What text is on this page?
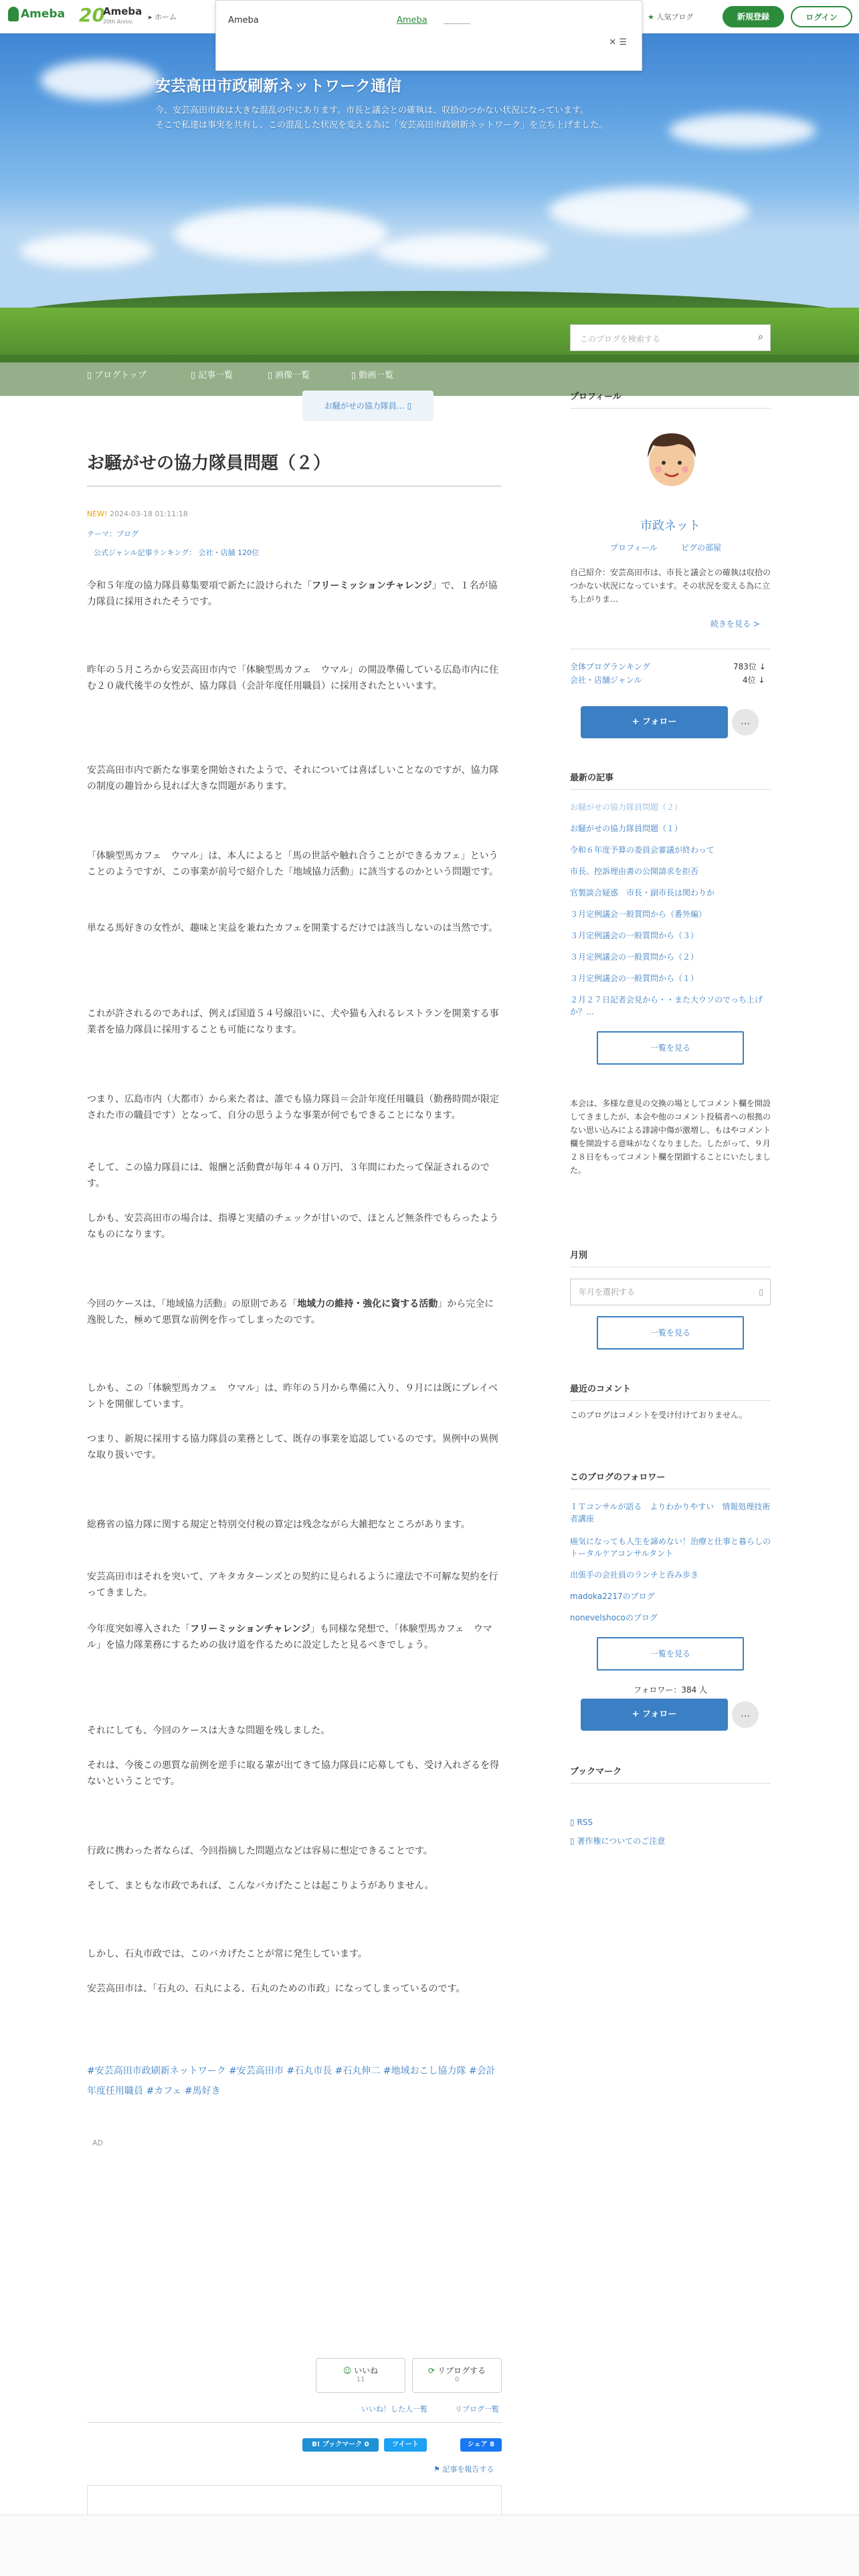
Ameba 20
Ameba
20th Anniv.
▸ ホーム	★ 人気ブログ	新規登録	ログイン
Ameba	Ameba
✕ ☰
▯ ブログトップ	▯ 記事一覧	▯ 画像一覧	▯ 動画一覧
安芸高田市政刷新ネットワーク通信
今、安芸高田市政は大きな混乱の中にあります。市長と議会との確執は、収拾のつかない状況になっています。
そこで私達は事実を共有し、この混乱した状況を変える為に「安芸高田市政刷新ネットワーク」を立ち上げました。
このブログを検索する	⌕
お騒がせの協力隊員… ▯
お騒がせの協力隊員問題（２）
NEW! 2024-03-18 01:11:18
テーマ：ブログ
公式ジャンル記事ランキング： 会社・店舗 120位

令和５年度の協力隊員募集要項で新たに設けられた「フリーミッションチャレンジ」で、１名が協力隊員に採用されたそうです。

昨年の５月ころから安芸高田市内で「体験型馬カフェ　ウマル」の開設準備している広島市内に住む２０歳代後半の女性が、協力隊員（会計年度任用職員）に採用されたといいます。

安芸高田市内で新たな事業を開始されたようで、それについては喜ばしいことなのですが、協力隊の制度の趣旨から見れば大きな問題があります。

「体験型馬カフェ　ウマル」は、本人によると「馬の世話や触れ合うことができるカフェ」ということのようですが、この事業が前号で紹介した「地域協力活動」に該当するのかという問題です。

単なる馬好きの女性が、趣味と実益を兼ねたカフェを開業するだけでは該当しないのは当然です。

これが許されるのであれば、例えば国道５４号線沿いに、犬や猫も入れるレストランを開業する事業者を協力隊員に採用することも可能になります。

つまり、広島市内（大都市）から来た者は、誰でも協力隊員＝会計年度任用職員（勤務時間が限定された市の職員です）となって、自分の思うような事業が何でもできることになります。

そして、この協力隊員には、報酬と活動費が毎年４４０万円、３年間にわたって保証されるのです。

しかも、安芸高田市の場合は、指導と実績のチェックが甘いので、ほとんど無条件でもらったようなものになります。

今回のケースは、「地域協力活動」の原則である「地域力の維持・強化に資する活動」から完全に逸脱した、極めて悪質な前例を作ってしまったのです。

しかも、この「体験型馬カフェ　ウマル」は、昨年の５月から準備に入り、９月には既にプレイベントを開催しています。

つまり、新規に採用する協力隊員の業務として、既存の事業を追認しているのです。異例中の異例な取り扱いです。

総務省の協力隊に関する規定と特別交付税の算定は残念ながら大雑把なところがあります。

安芸高田市はそれを突いて、アキタカターンズとの契約に見られるように違法で不可解な契約を行ってきました。

今年度突如導入された「フリーミッションチャレンジ」も同様な発想で、「体験型馬カフェ　ウマル」を協力隊業務にするための抜け道を作るために設定したと見るべきでしょう。

それにしても、今回のケースは大きな問題を残しました。

それは、今後この悪質な前例を逆手に取る輩が出てきて協力隊員に応募しても、受け入れざるを得ないということです。

行政に携わった者ならば、今回指摘した問題点などは容易に想定できることです。

そして、まともな市政であれば、こんなバカげたことは起こりようがありません。

しかし、石丸市政では、このバカげたことが常に発生しています。

安芸高田市は、「石丸の、石丸による、石丸のための市政」になってしまっているのです。

#安芸高田市政刷新ネットワーク #安芸高田市 #石丸市長 #石丸伸二 #地域おこし協力隊 #会計年度任用職員 #カフェ #馬好き
AD
☺ いいね
11
⟳ リブログする
0
いいね！した人一覧	リブログ一覧
B! ブックマーク 0	ツイート	シェア 8
⚑ 記事を報告する
プロフィール
市政ネット
プロフィール	ピグの部屋
自己紹介：安芸高田市は、市長と議会との確執は収拾のつかない状況になっています。その状況を変える為に立ち上がりま…
続きを見る >
全体ブログランキング	783位 ↓
会社・店舗ジャンル	4位 ↓
+ フォロー	…
最新の記事
お騒がせの協力隊員問題（２）
お騒がせの協力隊員問題（１）
令和６年度予算の委員会審議が終わって
市長、控訴理由書の公開請求を拒否
官製談合疑惑　市長・副市長は関わりか
３月定例議会一般質問から（番外編）
３月定例議会の一般質問から（３）
３月定例議会の一般質問から（２）
３月定例議会の一般質問から（１）
２月２７日記者会見から・・また大ウソのでっち上げか？…
一覧を見る
本会は、多様な意見の交換の場としてコメント欄を開設してきましたが、本会や他のコメント投稿者への根拠のない思い込みによる誹謗中傷が激増し、もはやコメント欄を開設する意味がなくなりました。したがって、９月２８日をもってコメント欄を閉鎖することにいたしました。
月別
年月を選択する	▯
一覧を見る
最近のコメント
このブログはコメントを受け付けておりません。
このブログのフォロワー
ＩＴコンサルが語る　よりわかりやすい　情報処理技術者講座
癌気になっても人生を諦めない！治療と仕事と暮らしのトータルケアコンサルタント
出張手の会社員のランチと呑み歩き
madoka2217のブログ
nonevelshocoのブログ
一覧を見る
フォロワー：384 人
+ フォロー	…
ブックマーク
▯ RSS
▯ 著作権についてのご注意
